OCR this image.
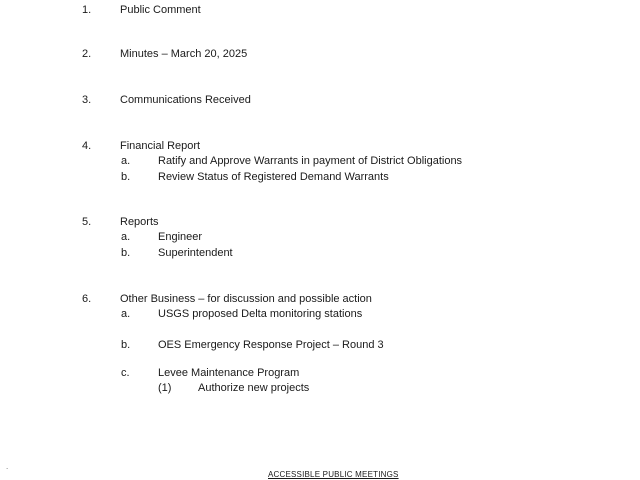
1.	Public Comment
2.	Minutes – March 20, 2025
3.	Communications Received
4.	Financial Report
a.	Ratify and Approve Warrants in payment of District Obligations
b.	Review Status of Registered Demand Warrants
5.	Reports
a.	Engineer
b.	Superintendent
6.	Other Business – for discussion and possible action
a.	USGS proposed Delta monitoring stations
b.	OES Emergency Response Project – Round 3
c.	Levee Maintenance Program
(1) Authorize new projects
.
ACCESSIBLE PUBLIC MEETINGS
